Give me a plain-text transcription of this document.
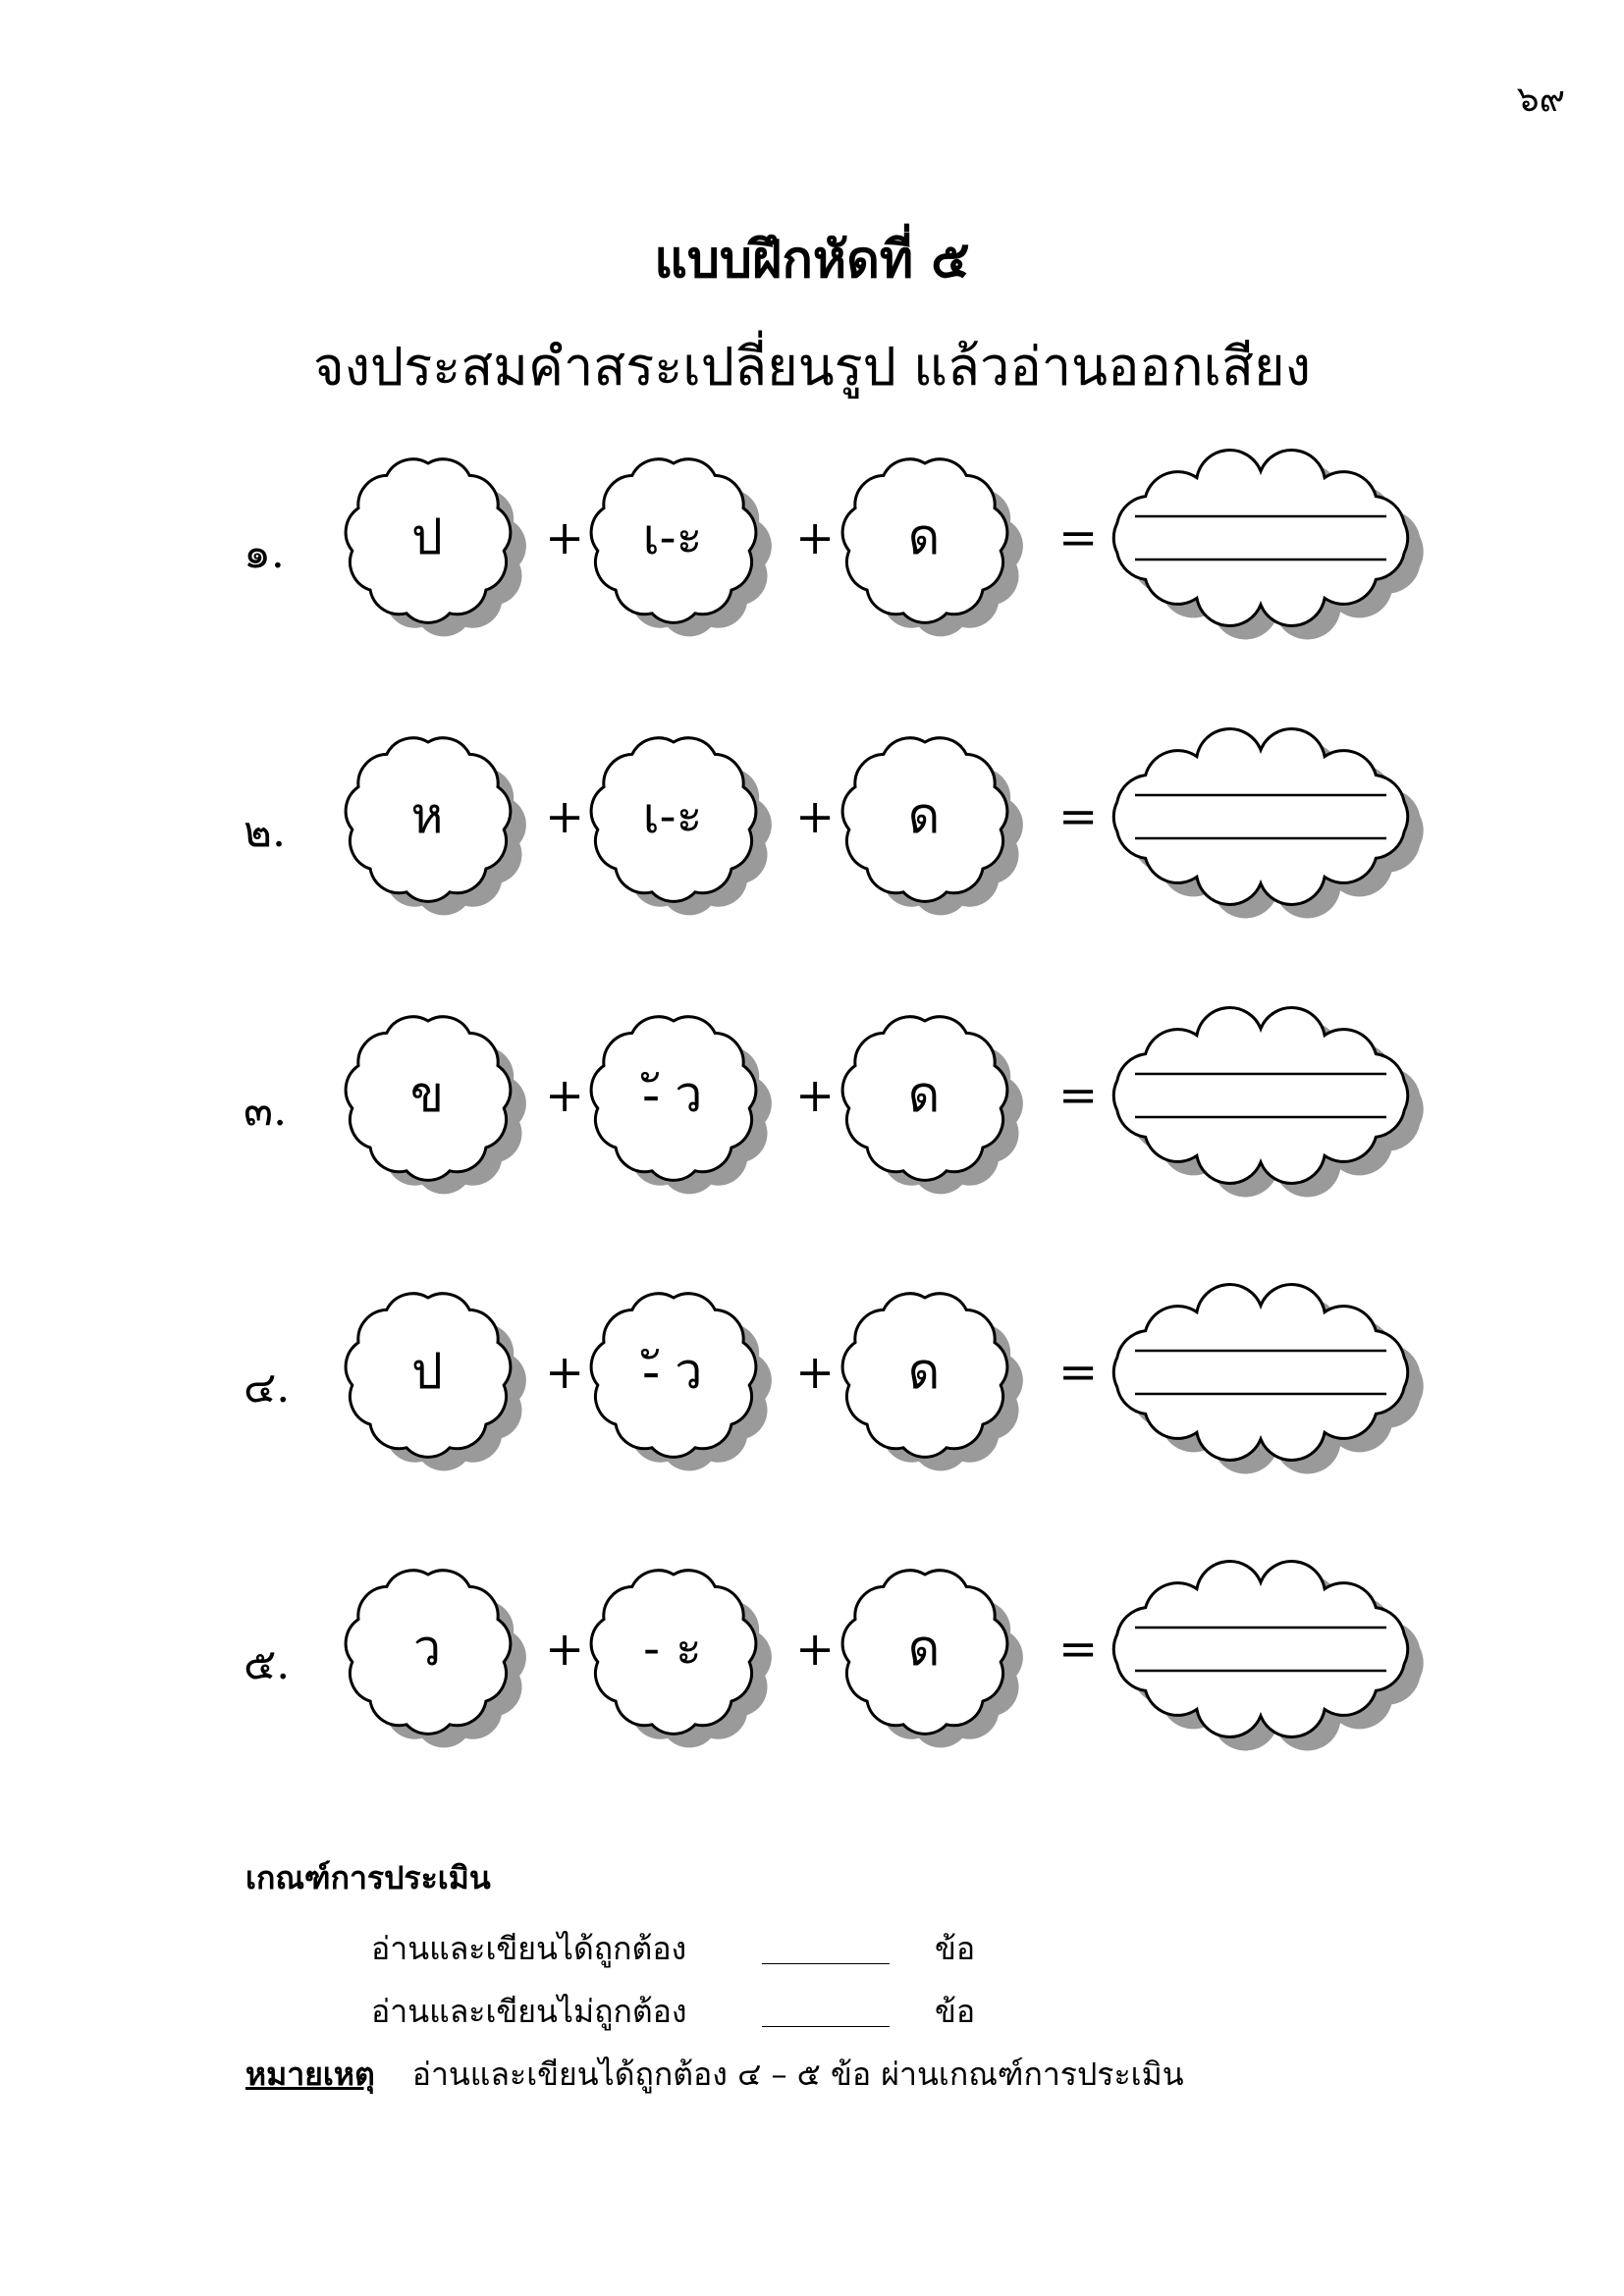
๖๙
แบบฝึกหัดที่ ๕
จงประสมคำสระเปลี่ยนรูป แล้วอ่านออกเสียง
๑.	ป	เ-ะ	ด
+	+	=
๒.	ห	เ-ะ	ด
+	+	=
๓.	ข	-ั ว	ด
+	+	=
๔.	ป	-ั ว	ด
+	+	=
๕.	ว	- ะ	ด
+	+	=
เกณฑ์การประเมิน
อ่านและเขียนได้ถูกต้อง	ข้อ
อ่านและเขียนไม่ถูกต้อง	ข้อ
หมายเหตุ อ่านและเขียนได้ถูกต้อง ๔ – ๕ ข้อ ผ่านเกณฑ์การประเมิน
